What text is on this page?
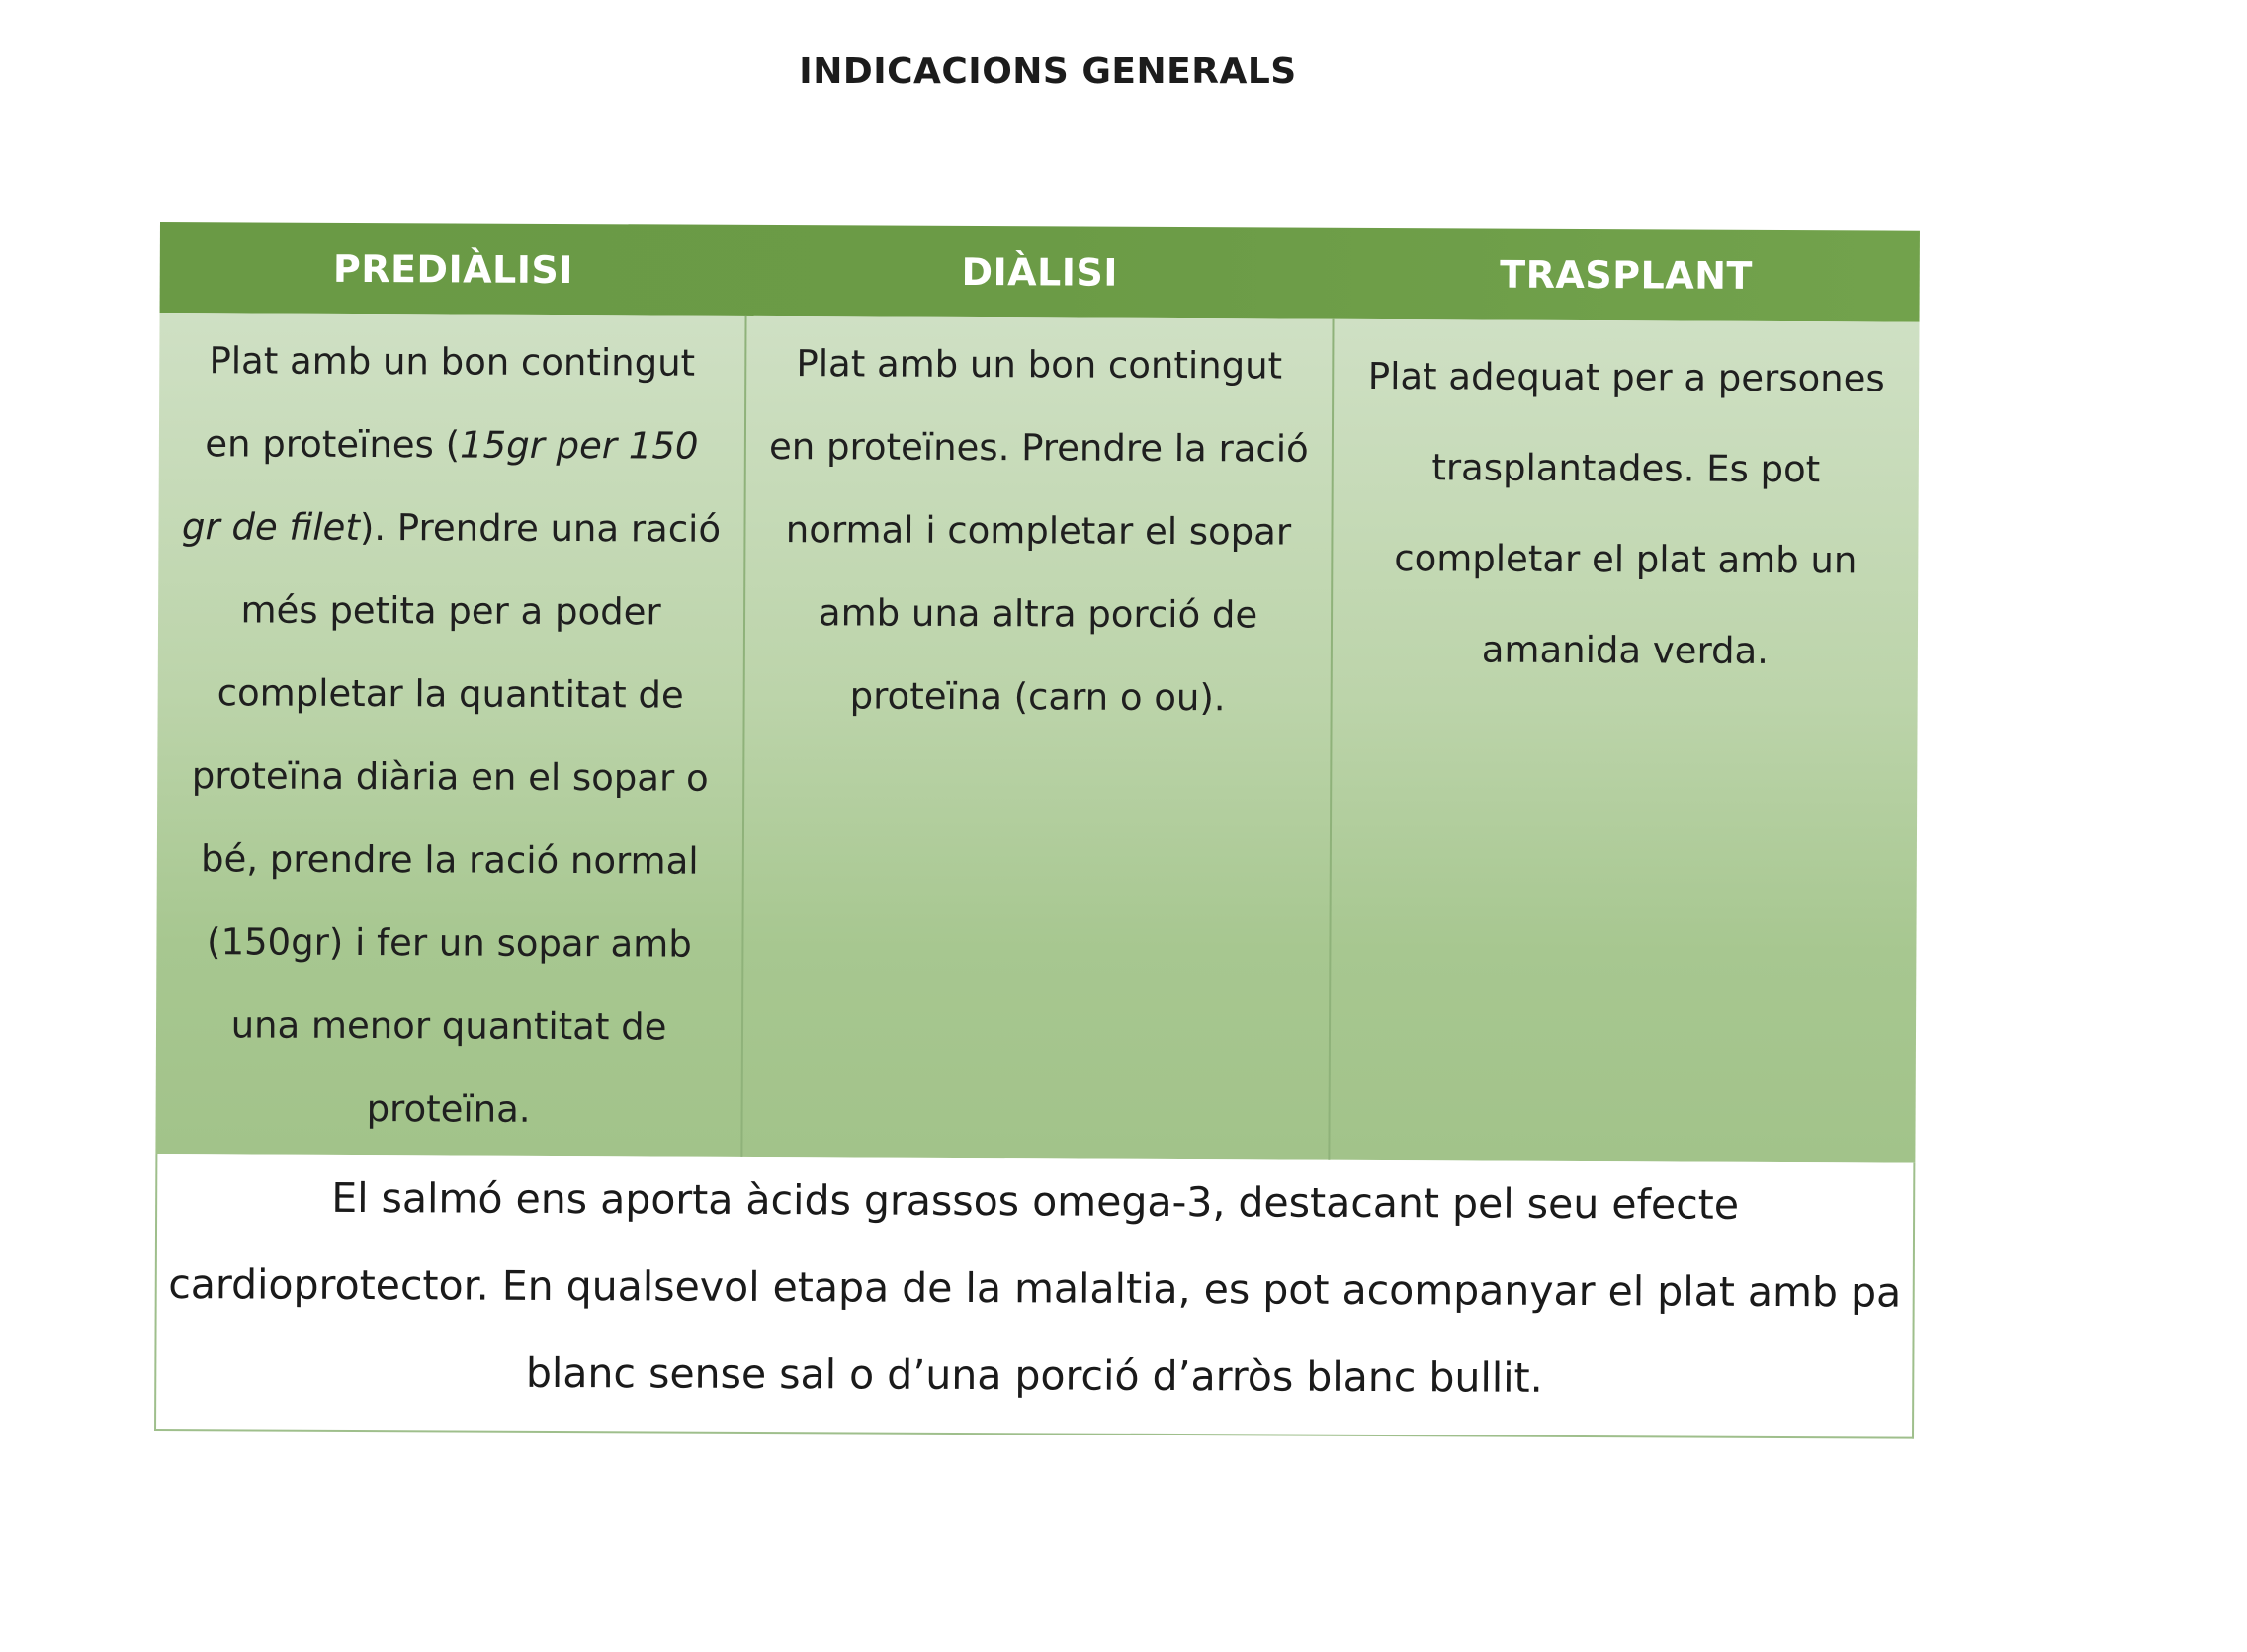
INDICACIONS GENERALS
PREDIÀLISI	DIÀLISI	TRASPLANT
Plat amb un bon contingut en proteïnes (15gr per 150 gr de filet). Prendre una ració més petita per a poder completar la quantitat de proteïna diària en el sopar o bé, prendre la ració normal (150gr) i fer un sopar amb una menor quantitat de proteïna.
Plat amb un bon contingut en proteïnes. Prendre la ració normal i completar el sopar amb una altra porció de proteïna (carn o ou).
Plat adequat per a persones trasplantades. Es pot completar el plat amb un amanida verda.
El salmó ens aporta àcids grassos omega-3, destacant pel seu efecte cardioprotector. En qualsevol etapa de la malaltia, es pot acompanyar el plat amb pa blanc sense sal o d’una porció d’arròs blanc bullit.
